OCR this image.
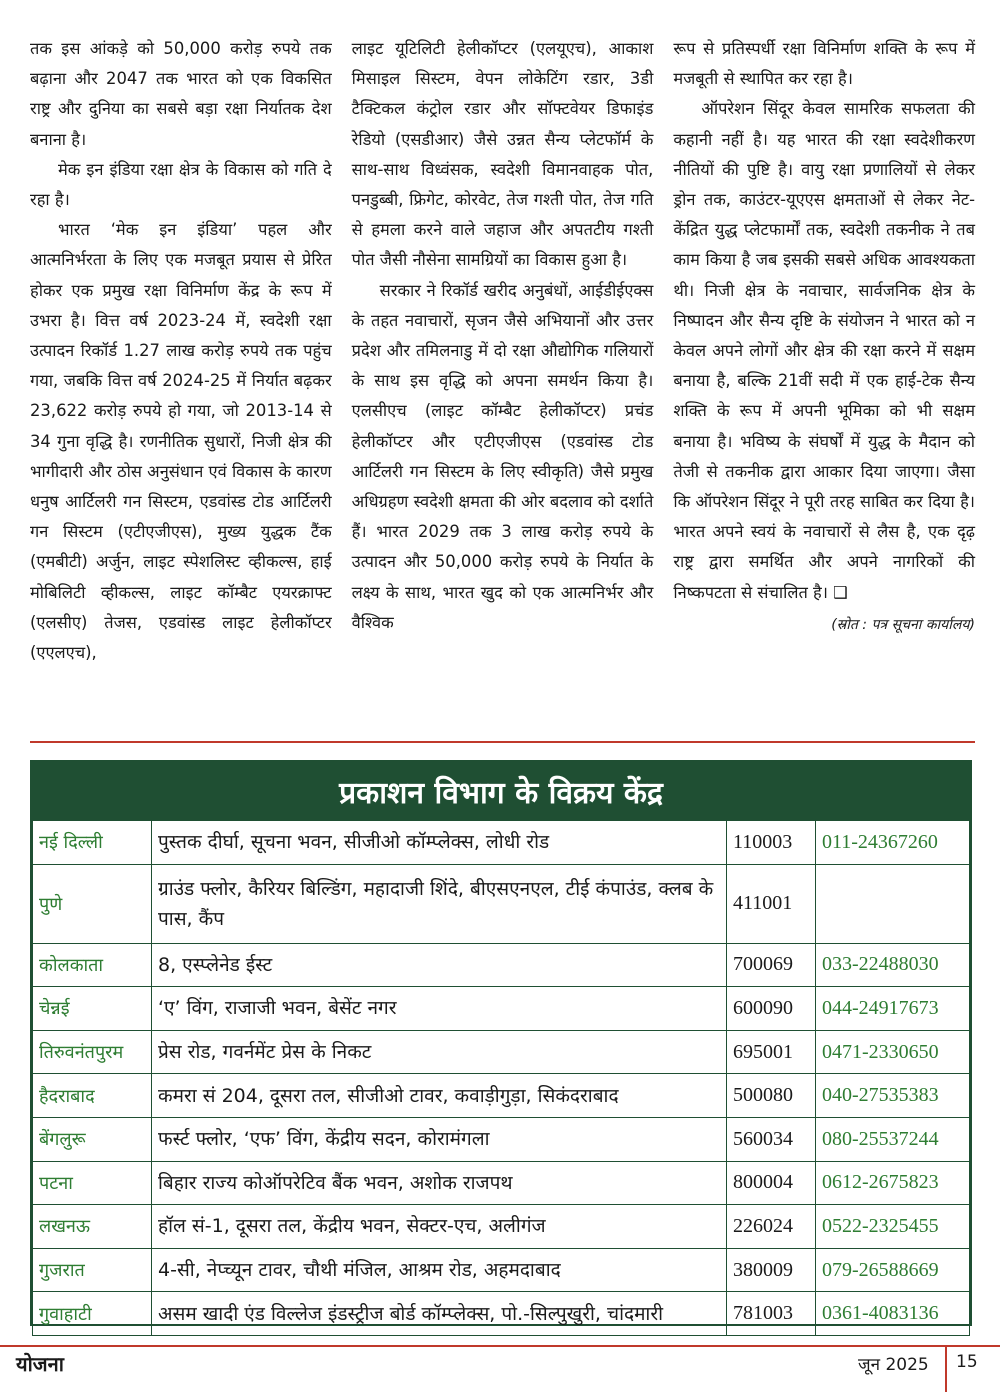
तक इस आंकड़े को 50,000 करोड़ रुपये तक बढ़ाना और 2047 तक भारत को एक विकसित राष्ट्र और दुनिया का सबसे बड़ा रक्षा निर्यातक देश बनाना है।

मेक इन इंडिया रक्षा क्षेत्र के विकास को गति दे रहा है।

भारत ‘मेक इन इंडिया’ पहल और आत्मनिर्भरता के लिए एक मजबूत प्रयास से प्रेरित होकर एक प्रमुख रक्षा विनिर्माण केंद्र के रूप में उभरा है। वित्त वर्ष 2023-24 में, स्वदेशी रक्षा उत्पादन रिकॉर्ड 1.27 लाख करोड़ रुपये तक पहुंच गया, जबकि वित्त वर्ष 2024-25 में निर्यात बढ़कर 23,622 करोड़ रुपये हो गया, जो 2013-14 से 34 गुना वृद्धि है। रणनीतिक सुधारों, निजी क्षेत्र की भागीदारी और ठोस अनुसंधान एवं विकास के कारण धनुष आर्टिलरी गन सिस्टम, एडवांस्ड टोड आर्टिलरी गन सिस्टम (एटीएजीएस), मुख्य युद्धक टैंक (एमबीटी) अर्जुन, लाइट स्पेशलिस्ट व्हीकल्स, हाई मोबिलिटी व्हीकल्स, लाइट कॉम्बैट एयरक्राफ्ट (एलसीए) तेजस, एडवांस्ड लाइट हेलीकॉप्टर (एएलएच),

लाइट यूटिलिटी हेलीकॉप्टर (एलयूएच), आकाश मिसाइल सिस्टम, वेपन लोकेटिंग रडार, 3डी टैक्टिकल कंट्रोल रडार और सॉफ्टवेयर डिफाइंड रेडियो (एसडीआर) जैसे उन्नत सैन्य प्लेटफॉर्म के साथ-साथ विध्वंसक, स्वदेशी विमानवाहक पोत, पनडुब्बी, फ्रिगेट, कोरवेट, तेज गश्ती पोत, तेज गति से हमला करने वाले जहाज और अपतटीय गश्ती पोत जैसी नौसेना सामग्रियों का विकास हुआ है।

सरकार ने रिकॉर्ड खरीद अनुबंधों, आईडीईएक्स के तहत नवाचारों, सृजन जैसे अभियानों और उत्तर प्रदेश और तमिलनाडु में दो रक्षा औद्योगिक गलियारों के साथ इस वृद्धि को अपना समर्थन किया है। एलसीएच (लाइट कॉम्बैट हेलीकॉप्टर) प्रचंड हेलीकॉप्टर और एटीएजीएस (एडवांस्ड टोड आर्टिलरी गन सिस्टम के लिए स्वीकृति) जैसे प्रमुख अधिग्रहण स्वदेशी क्षमता की ओर बदलाव को दर्शाते हैं। भारत 2029 तक 3 लाख करोड़ रुपये के उत्पादन और 50,000 करोड़ रुपये के निर्यात के लक्ष्य के साथ, भारत खुद को एक आत्मनिर्भर और वैश्विक

रूप से प्रतिस्पर्धी रक्षा विनिर्माण शक्ति के रूप में मजबूती से स्थापित कर रहा है।

ऑपरेशन सिंदूर केवल सामरिक सफलता की कहानी नहीं है। यह भारत की रक्षा स्वदेशीकरण नीतियों की पुष्टि है। वायु रक्षा प्रणालियों से लेकर ड्रोन तक, काउंटर-यूएएस क्षमताओं से लेकर नेट-केंद्रित युद्ध प्लेटफार्मों तक, स्वदेशी तकनीक ने तब काम किया है जब इसकी सबसे अधिक आवश्यकता थी। निजी क्षेत्र के नवाचार, सार्वजनिक क्षेत्र के निष्पादन और सैन्य दृष्टि के संयोजन ने भारत को न केवल अपने लोगों और क्षेत्र की रक्षा करने में सक्षम बनाया है, बल्कि 21वीं सदी में एक हाई-टेक सैन्य शक्ति के रूप में अपनी भूमिका को भी सक्षम बनाया है। भविष्य के संघर्षों में युद्ध के मैदान को तेजी से तकनीक द्वारा आकार दिया जाएगा। जैसा कि ऑपरेशन सिंदूर ने पूरी तरह साबित कर दिया है। भारत अपने स्वयं के नवाचारों से लैस है, एक दृढ़ राष्ट्र द्वारा समर्थित और अपने नागरिकों की निष्कपटता से संचालित है। ❑

(स्रोत : पत्र सूचना कार्यालय)
प्रकाशन विभाग के विक्रय केंद्र
नई दिल्ली	पुस्तक दीर्घा, सूचना भवन, सीजीओ कॉम्प्लेक्स, लोधी रोड	110003	011-24367260
पुणे	ग्राउंड फ्लोर, कैरियर बिल्डिंग, महादाजी शिंदे, बीएसएनएल, टीई कंपाउंड, क्लब के पास, कैंप	411001	
कोलकाता	8, एस्प्लेनेड ईस्ट	700069	033-22488030
चेन्नई	‘ए’ विंग, राजाजी भवन, बेसेंट नगर	600090	044-24917673
तिरुवनंतपुरम	प्रेस रोड, गवर्नमेंट प्रेस के निकट	695001	0471-2330650
हैदराबाद	कमरा सं 204, दूसरा तल, सीजीओ टावर, कवाड़ीगुड़ा, सिकंदराबाद	500080	040-27535383
बेंगलुरू	फर्स्ट फ्लोर, ‘एफ’ विंग, केंद्रीय सदन, कोरामंगला	560034	080-25537244
पटना	बिहार राज्य कोऑपरेटिव बैंक भवन, अशोक राजपथ	800004	0612-2675823
लखनऊ	हॉल सं-1, दूसरा तल, केंद्रीय भवन, सेक्टर-एच, अलीगंज	226024	0522-2325455
गुजरात	4-सी, नेप्च्यून टावर, चौथी मंजिल, आश्रम रोड, अहमदाबाद	380009	079-26588669
गुवाहाटी	असम खादी एंड विल्लेज इंडस्ट्रीज बोर्ड कॉम्प्लेक्स, पो.-सिल्पुखुरी, चांदमारी	781003	0361-4083136
योजना	जून 2025 15
